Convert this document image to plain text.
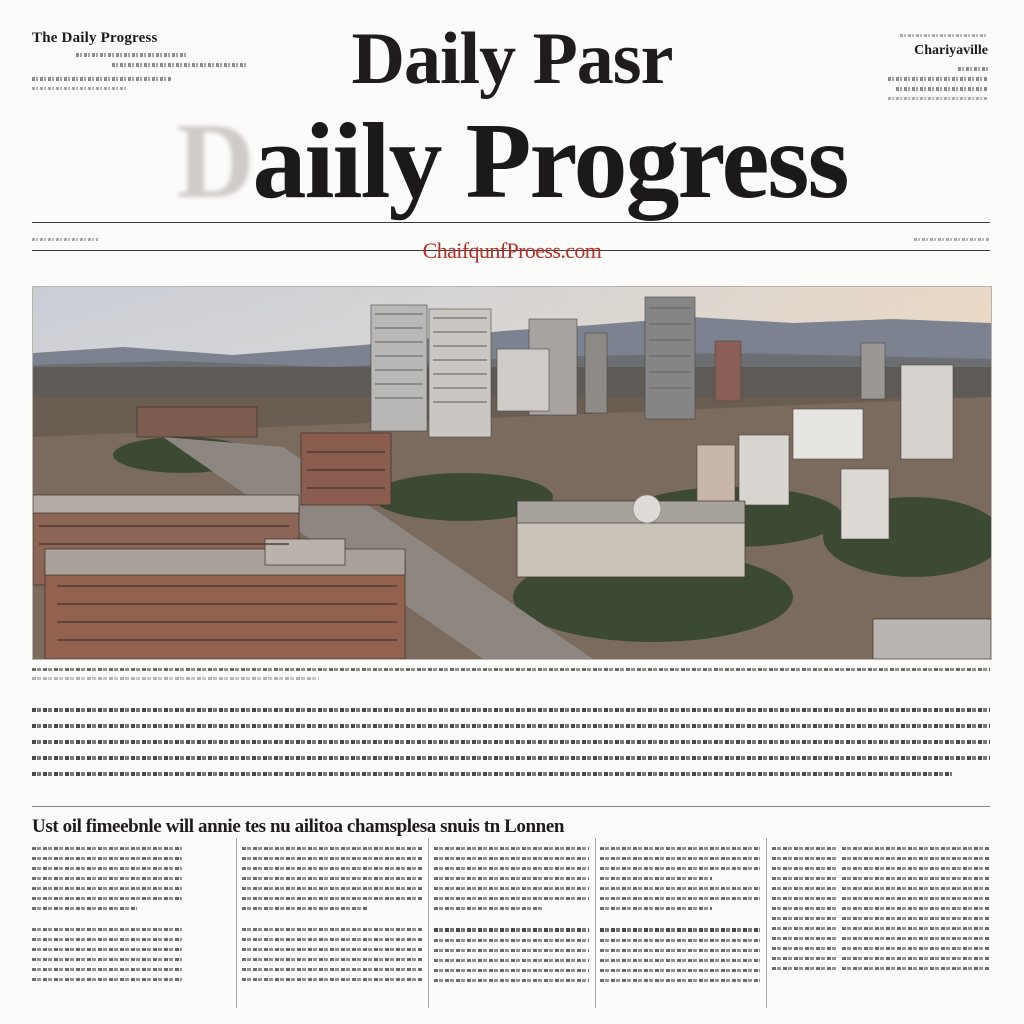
The Daily Progress
Chariyaville
Daily Pasr
Daiily Progress
ChaifqunfProess.com
Ust oil fimeebnle will annie tes nu ailitoa chamsplesa snuis tn Lonnen
